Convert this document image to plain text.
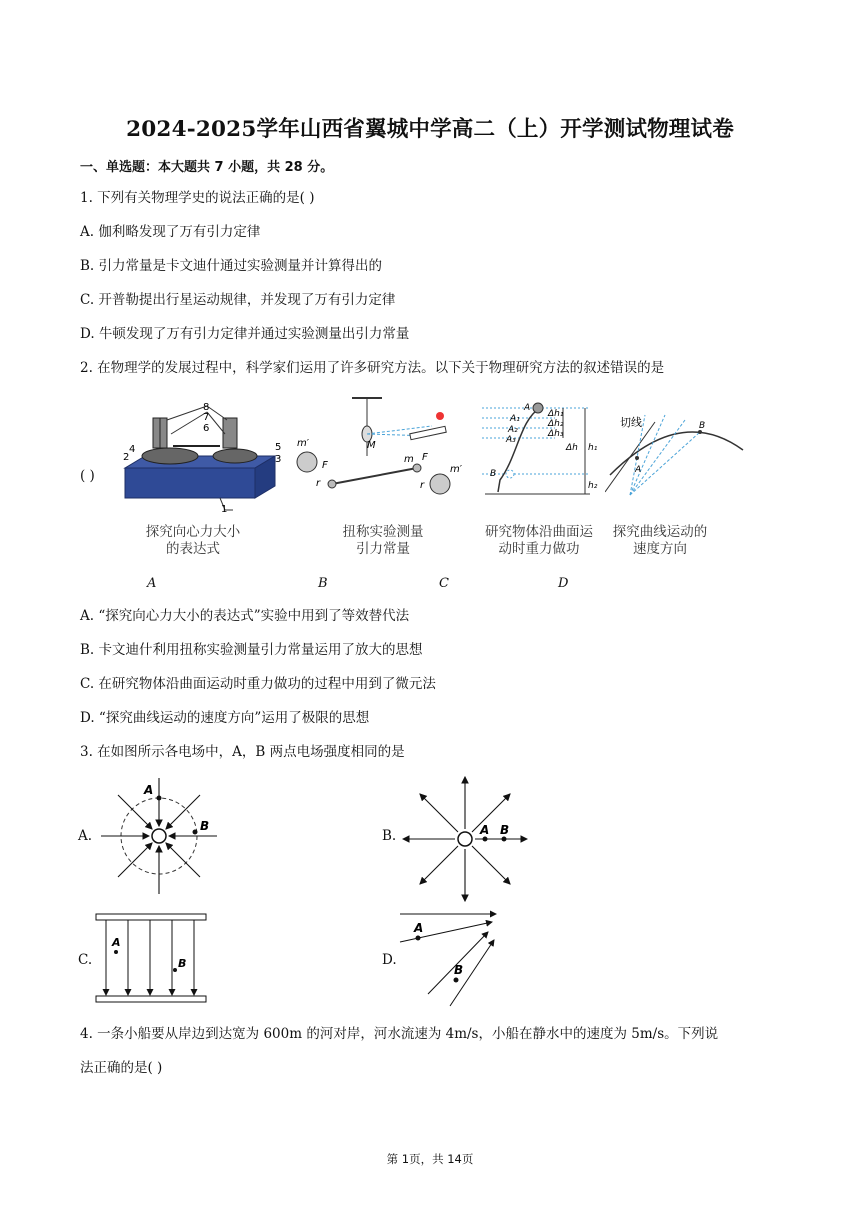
2024-2025学年山西省翼城中学高二（上）开学测试物理试卷
一、单选题：本大题共 7 小题，共 28 分。
1. 下列有关物理学史的说法正确的是( )
A. 伽利略发现了万有引力定律
B. 引力常量是卡文迪什通过实验测量并计算得出的
C. 开普勒提出行星运动规律，并发现了万有引力定律
D. 牛顿发现了万有引力定律并通过实验测量出引力常量
2. 在物理学的发展过程中，科学家们运用了许多研究方法。以下关于物理研究方法的叙述错误的是
( )
8
7
6
4
2
5
3
1
M
m′
F
r
m F
m′
r
A
A₁
A₂
A₃
Δh₁
Δh₂
Δh₃
Δh h₁
B
h₂
切线
A
B
探究向心力大小
的表达式
扭称实验测量
引力常量
研究物体沿曲面运
动时重力做功
探究曲线运动的
速度方向
A	B	C	D
A. “探究向心力大小的表达式”实验中用到了等效替代法
B. 卡文迪什利用扭称实验测量引力常量运用了放大的思想
C. 在研究物体沿曲面运动时重力做功的过程中用到了微元法
D. “探究曲线运动的速度方向”运用了极限的思想
3. 在如图所示各电场中，A，B 两点电场强度相同的是
A.	B.
C.	D.
A
B	A B
A
B
A
B
4. 一条小船要从岸边到达宽为 600m 的河对岸，河水流速为 4m/s，小船在静水中的速度为 5m/s。下列说
法正确的是( )
第 1页，共 14页
